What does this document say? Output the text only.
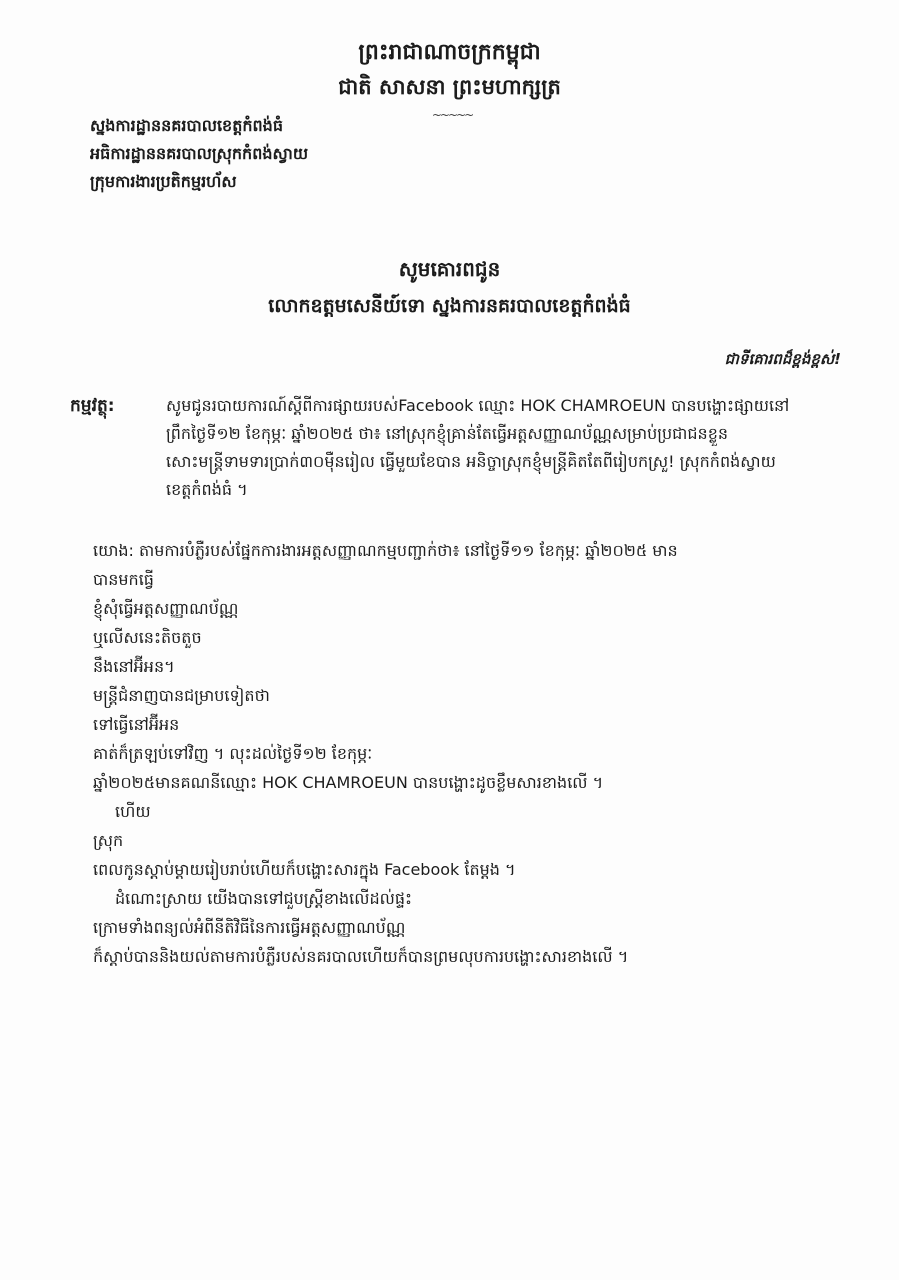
ព្រះរាជាណាចក្រកម្ពុជា
ជាតិ សាសនា ព្រះមហាក្សត្រ
~~~~~
ស្នងការដ្ឋាននគរបាលខេត្តកំពង់ធំ
អធិការដ្ឋាននគរបាលស្រុកកំពង់ស្វាយ
ក្រុមការងារប្រតិកម្មរហ័ស
សូមគោរពជូន
លោកឧត្តមសេនីយ៍ទោ ស្នងការនគរបាលខេត្តកំពង់ធំ
ជាទីគោរពដ៏ខ្ពង់ខ្ពស់!
កម្មវត្ថុ:	សូមជូនរបាយការណ៍ស្តីពីការផ្សាយរបស់Facebook ឈ្មោះ HOK CHAMROEUN បានបង្ហោះផ្សាយនៅ
ព្រឹកថ្ងៃទី១២ ខែកុម្ភៈ ឆ្នាំ២០២៥ ថា៖ នៅស្រុកខ្ញុំគ្រាន់តែធ្វើអត្តសញ្ញាណប័ណ្ណសម្រាប់ប្រជាជនខ្លួន
សោះមន្ត្រីទាមទារប្រាក់៣០ម៉ឺនរៀល ធ្វើមួយខែបាន អនិច្ចាស្រុកខ្ញុំមន្ត្រីគិតតែពីរៀបកស្រួ! ស្រុកកំពង់ស្វាយ
ខេត្តកំពង់ធំ ។
យោង: តាមការបំភ្លឺរបស់ផ្នែកការងារអត្តសញ្ញាណកម្មបញ្ជាក់ថា៖ នៅថ្ងៃទី១១ ខែកុម្ភៈ ឆ្នាំ២០២៥ មាន
បានមកធ្វើ
ខ្ញុំសុំធ្វើអត្តសញ្ញាណប័ណ្ណ
ឬលើសនេះតិចតួច
នឹងនៅអ៊ីអន។
មន្ត្រីជំនាញបានជម្រាបទៀតថា
ទៅធ្វើនៅអ៊ីអន
គាត់ក៏ត្រឡប់ទៅវិញ ។ លុះដល់ថ្ងៃទី១២ ខែកុម្ភៈ
ឆ្នាំ២០២៥មានគណនីឈ្មោះ HOK CHAMROEUN បានបង្ហោះដូចខ្លឹមសារខាងលើ ។
ហេីយ
ស្រុក
ពេលកូនស្តាប់ម្តាយរៀបរាប់ហើយក៏បង្ហោះសារក្នុង Facebook តែម្តង ។
ដំណោះស្រាយ យើងបានទៅជួបស្ត្រីខាងលើដល់ផ្ទះ
ក្រោមទាំងពន្យល់អំពីនីតិវិធីនៃការធ្វើអត្តសញ្ញាណប័ណ្ណ
ក៏ស្តាប់បាននិងយល់តាមការបំភ្លឺរបស់នគរបាលហើយក៏បានព្រមលុបការបង្ហោះសារខាងលើ ។
